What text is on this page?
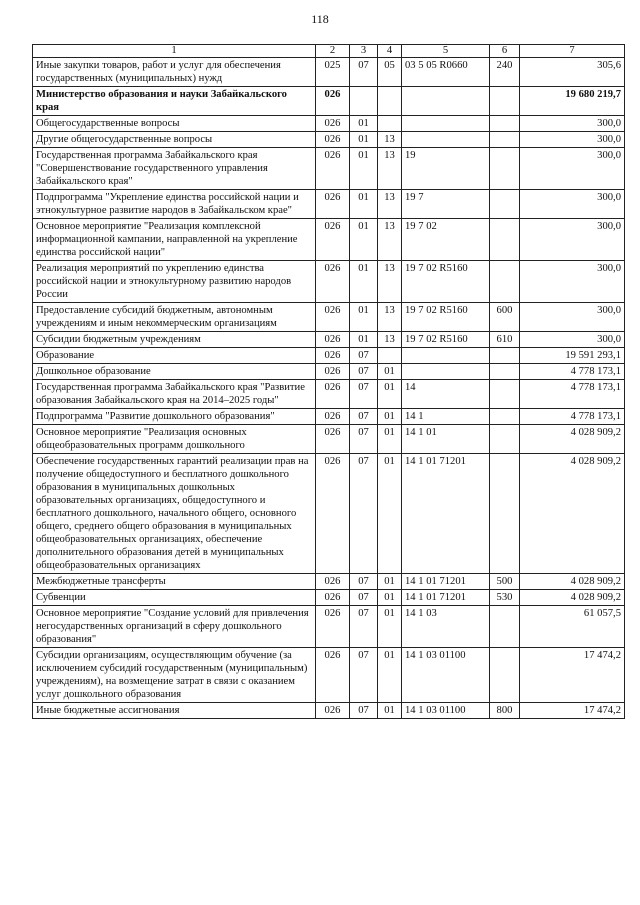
118
1	2	3	4	5	6	7
Иные закупки товаров, работ и услуг для обеспечения государственных (муниципальных) нужд	025	07	05	03 5 05 R0660	240	305,6
Министерство образования и науки Забайкальского края	026					19 680 219,7
Общегосударственные вопросы	026	01				300,0
Другие общегосударственные вопросы	026	01	13			300,0
Государственная программа Забайкальского края "Совершенствование государственного управления Забайкальского края"	026	01	13	19		300,0
Подпрограмма "Укрепление единства российской нации и этнокультурное развитие народов в Забайкальском крае"	026	01	13	19 7		300,0
Основное мероприятие "Реализация комплексной информационной кампании, направленной на укрепление единства российской нации"	026	01	13	19 7 02		300,0
Реализация мероприятий по укреплению единства российской нации и этнокультурному развитию народов России	026	01	13	19 7 02 R5160		300,0
Предоставление субсидий бюджетным, автономным учреждениям и иным некоммерческим организациям	026	01	13	19 7 02 R5160	600	300,0
Субсидии бюджетным учреждениям	026	01	13	19 7 02 R5160	610	300,0
Образование	026	07				19 591 293,1
Дошкольное образование	026	07	01			4 778 173,1
Государственная программа Забайкальского края "Развитие образования Забайкальского края на 2014–2025 годы"	026	07	01	14		4 778 173,1
Подпрограмма "Развитие дошкольного образования"	026	07	01	14 1		4 778 173,1
Основное мероприятие "Реализация основных общеобразовательных программ дошкольного	026	07	01	14 1 01		4 028 909,2
Обеспечение государственных гарантий реализации прав на получение общедоступного и бесплатного дошкольного образования в муниципальных дошкольных образовательных организациях, общедоступного и бесплатного дошкольного, начального общего, основного общего, среднего общего образования в муниципальных общеобразовательных организациях, обеспечение дополнительного образования детей в муниципальных общеобразовательных организациях	026	07	01	14 1 01 71201		4 028 909,2
Межбюджетные трансферты	026	07	01	14 1 01 71201	500	4 028 909,2
Субвенции	026	07	01	14 1 01 71201	530	4 028 909,2
Основное мероприятие "Создание условий для привлечения негосударственных организаций в сферу дошкольного образования"	026	07	01	14 1 03		61 057,5
Субсидии организациям, осуществляющим обучение (за исключением субсидий государственным (муниципальным) учреждениям), на возмещение затрат в связи с оказанием услуг дошкольного образования	026	07	01	14 1 03 01100		17 474,2
Иные бюджетные ассигнования	026	07	01	14 1 03 01100	800	17 474,2
